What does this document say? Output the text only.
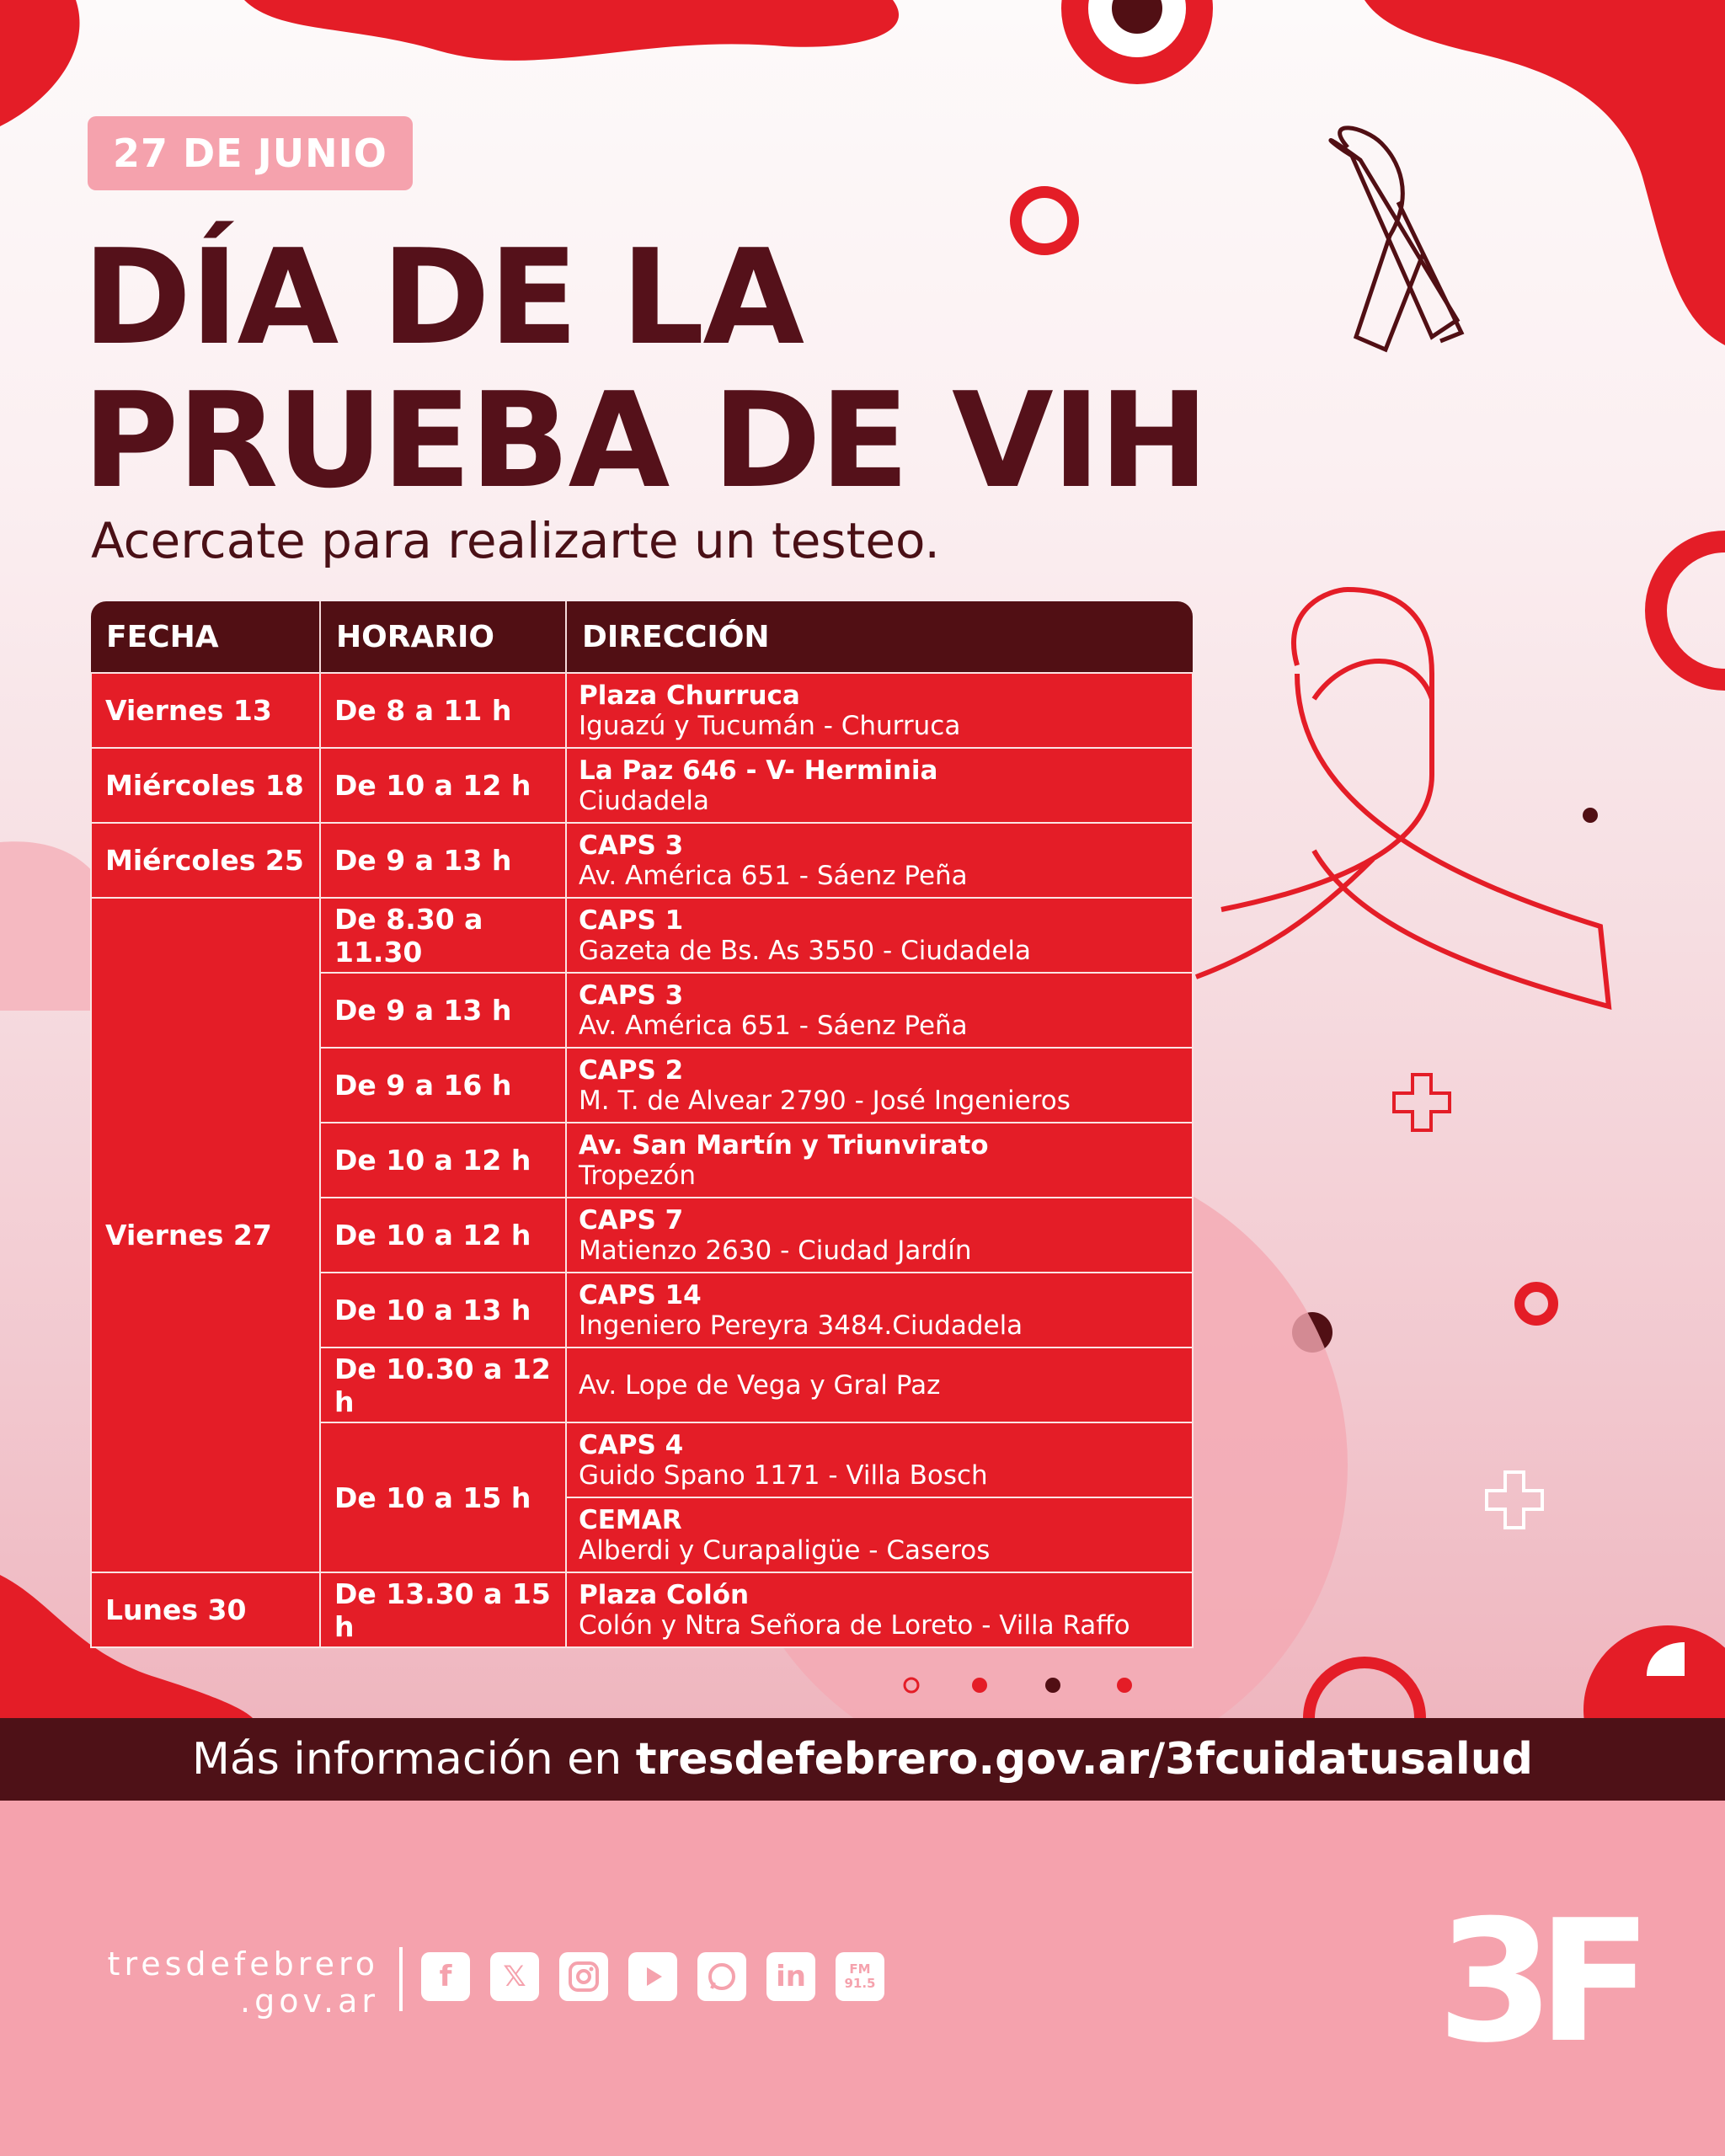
27 DE JUNIO
DÍA DE LA
PRUEBA DE VIH
Acercate para realizarte un testeo.
FECHA	HORARIO	DIRECCIÓN
Viernes 13	De 8 a 11 h	Plaza Churruca
Iguazú y Tucumán - Churruca

Miércoles 18	De 10 a 12 h	La Paz 646 - V- Herminia
Ciudadela

Miércoles 25	De 9 a 13 h	CAPS 3
Av. América 651 - Sáenz Peña

Viernes 27	De 8.30 a 11.30	CAPS 1
Gazeta de Bs. As 3550 - Ciudadela

	De 9 a 13 h	CAPS 3
Av. América 651 - Sáenz Peña

	De 9 a 16 h	CAPS 2
M. T. de Alvear 2790 - José Ingenieros

	De 10 a 12 h	Av. San Martín y Triunvirato
Tropezón

	De 10 a 12 h	CAPS 7
Matienzo 2630 - Ciudad Jardín

	De 10 a 13 h	CAPS 14
Ingeniero Pereyra 3484.Ciudadela

	De 10.30 a 12 h	Av. Lope de Vega y Gral Paz

	De 10 a 15 h	CAPS 4
Guido Spano 1171 - Villa Bosch

		CEMAR
Alberdi y Curapaligüe - Caseros

Lunes 30	De 13.30 a 15 h	Plaza Colón
Colón y Ntra Señora de Loreto - Villa Raffo
Más información en tresdefebrero.gov.ar/3fcuidatusalud
tresdefebrero
.gov.ar
f	𝕏	in	FM
91.5	3F
